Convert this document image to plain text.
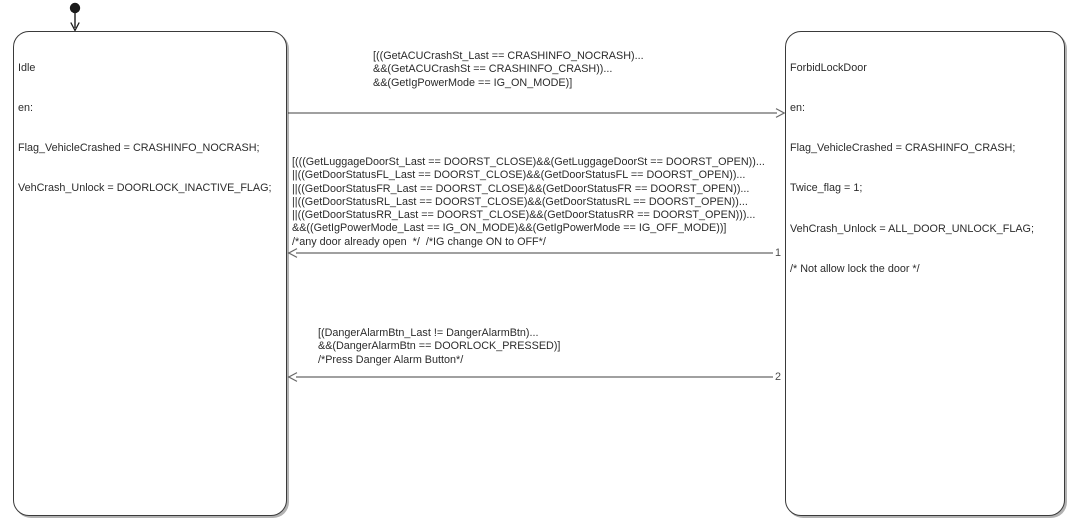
Idle

en:

Flag_VehicleCrashed = CRASHINFO_NOCRASH;

VehCrash_Unlock = DOORLOCK_INACTIVE_FLAG;

ForbidLockDoor

en:

Flag_VehicleCrashed = CRASHINFO_CRASH;

Twice_flag = 1;

VehCrash_Unlock = ALL_DOOR_UNLOCK_FLAG;

/* Not allow lock the door */

[((GetACUCrashSt_Last == CRASHINFO_NOCRASH)...
&&(GetACUCrashSt == CRASHINFO_CRASH))...
&&(GetIgPowerMode == IG_ON_MODE)]
[(((GetLuggageDoorSt_Last == DOORST_CLOSE)&&(GetLuggageDoorSt == DOORST_OPEN))...
||((GetDoorStatusFL_Last == DOORST_CLOSE)&&(GetDoorStatusFL == DOORST_OPEN))...
||((GetDoorStatusFR_Last == DOORST_CLOSE)&&(GetDoorStatusFR == DOORST_OPEN))...
||((GetDoorStatusRL_Last == DOORST_CLOSE)&&(GetDoorStatusRL == DOORST_OPEN))...
||((GetDoorStatusRR_Last == DOORST_CLOSE)&&(GetDoorStatusRR == DOORST_OPEN)))...
&&((GetIgPowerMode_Last == IG_ON_MODE)&&(GetIgPowerMode == IG_OFF_MODE))]
/*any door already open  */  /*IG change ON to OFF*/
1
[(DangerAlarmBtn_Last != DangerAlarmBtn)...
&&(DangerAlarmBtn == DOORLOCK_PRESSED)]
/*Press Danger Alarm Button*/
2
